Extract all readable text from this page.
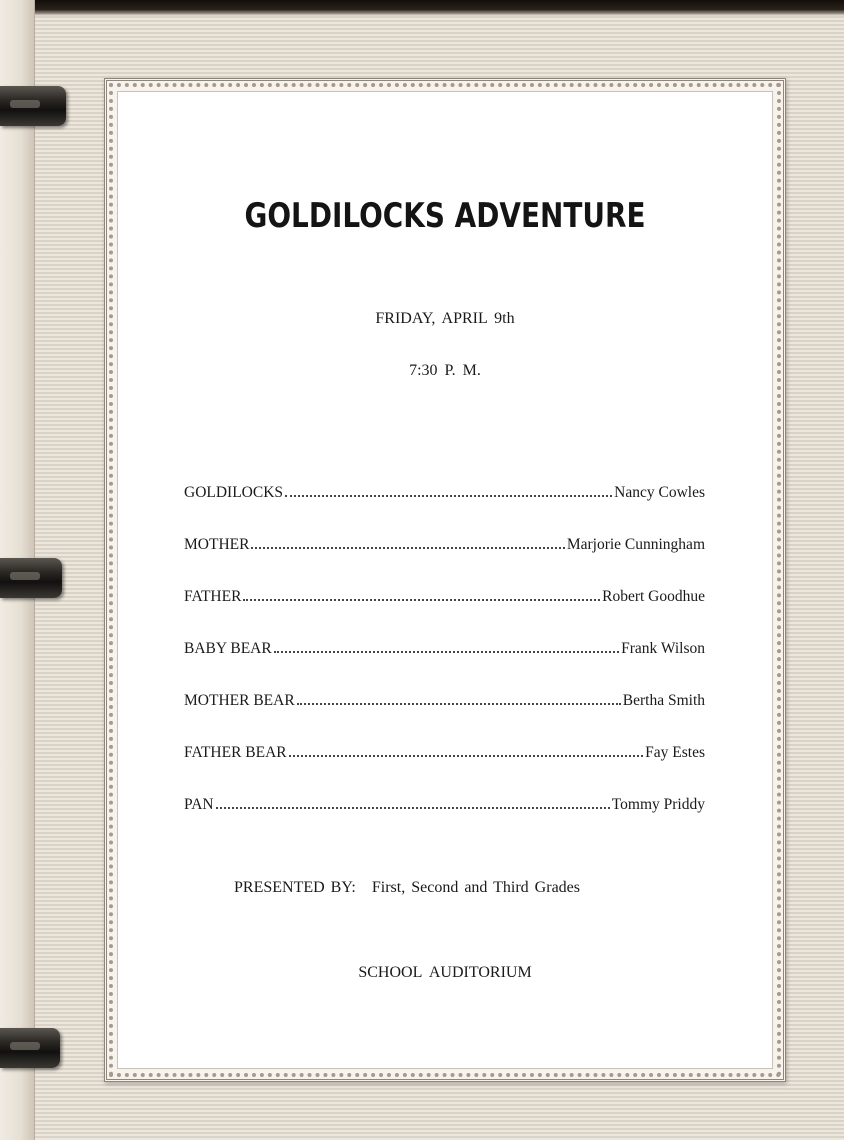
GOLDILOCKS ADVENTURE
FRIDAY, APRIL 9th
7:30 P. M.
GOLDILOCKS	Nancy Cowles
MOTHER	Marjorie Cunningham
FATHER	Robert Goodhue
BABY BEAR	Frank Wilson
MOTHER BEAR	Bertha Smith
FATHER BEAR	Fay Estes
PAN	Tommy Priddy
PRESENTED BY: First, Second and Third Grades
SCHOOL AUDITORIUM
